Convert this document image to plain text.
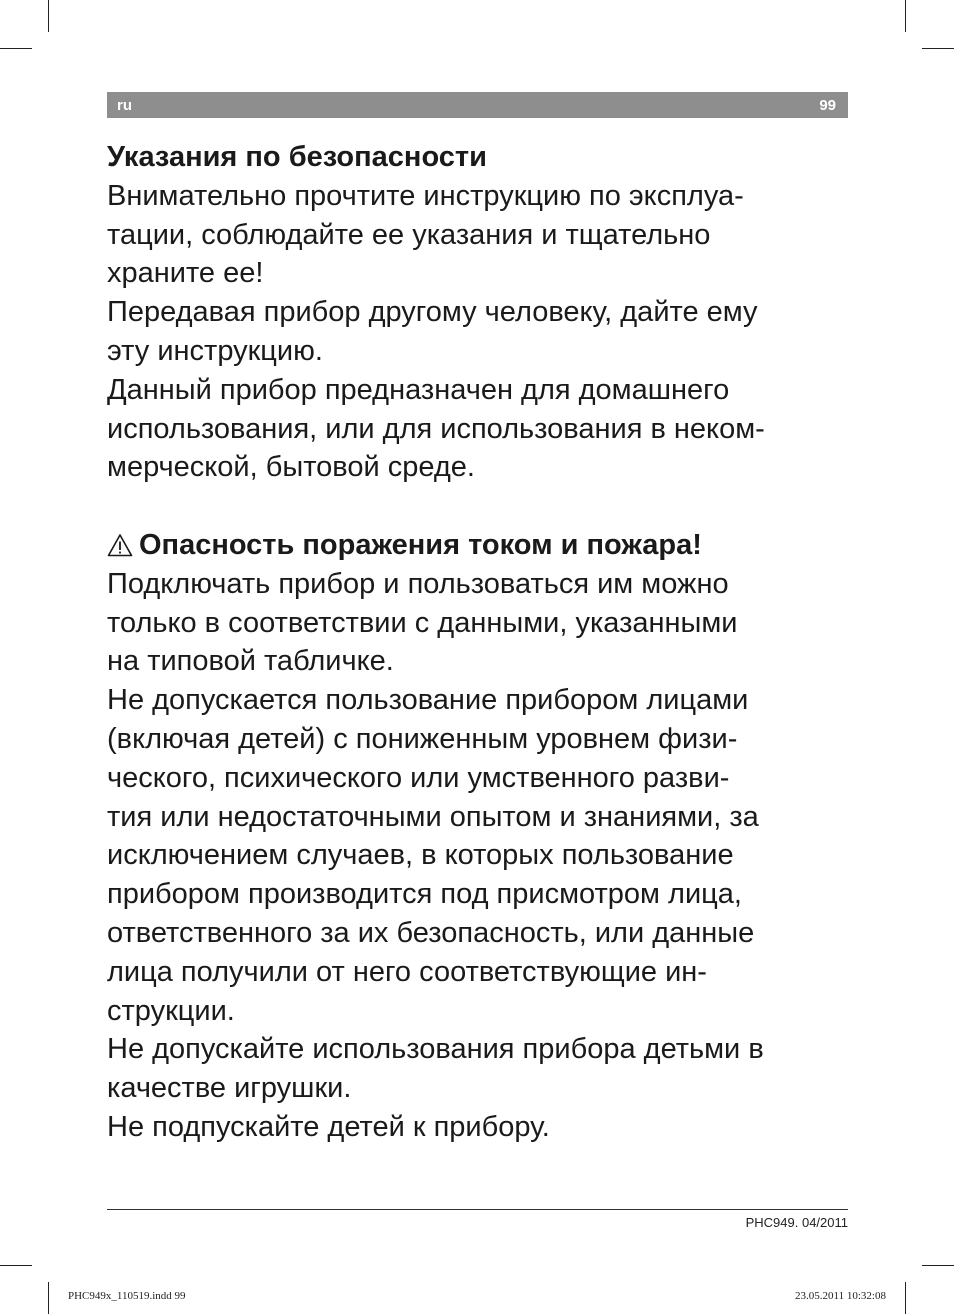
ru	99
Указания по безопасности
Внимательно прочтите инструкцию по эксплуа-
тации, соблюдайте ее указания и тщательно
храните ее!
Передавая прибор другому человеку, дайте ему
эту инструкцию.
Данный прибор предназначен для домашнего
использования, или для использования в неком-
мерческой, бытовой среде.
Опасность поражения током и пожара!
Подключать прибор и пользоваться им можно
только в соответствии с данными, указанными
на типовой табличке.
Не допускается пользование прибором лицами
(включая детей) с пониженным уровнем физи-
ческого, психического или умственного разви-
тия или недостаточными опытом и знаниями, за
исключением случаев, в которых пользование
прибором производится под присмотром лица,
ответственного за их безопасность, или данные
лица получили от него соответствующие ин-
струкции.
Не допускайте использования прибора детьми в
качестве игрушки.
Не подпускайте детей к прибору.
PHC949. 04/2011
PHC949x_110519.indd 99	23.05.2011 10:32:08
